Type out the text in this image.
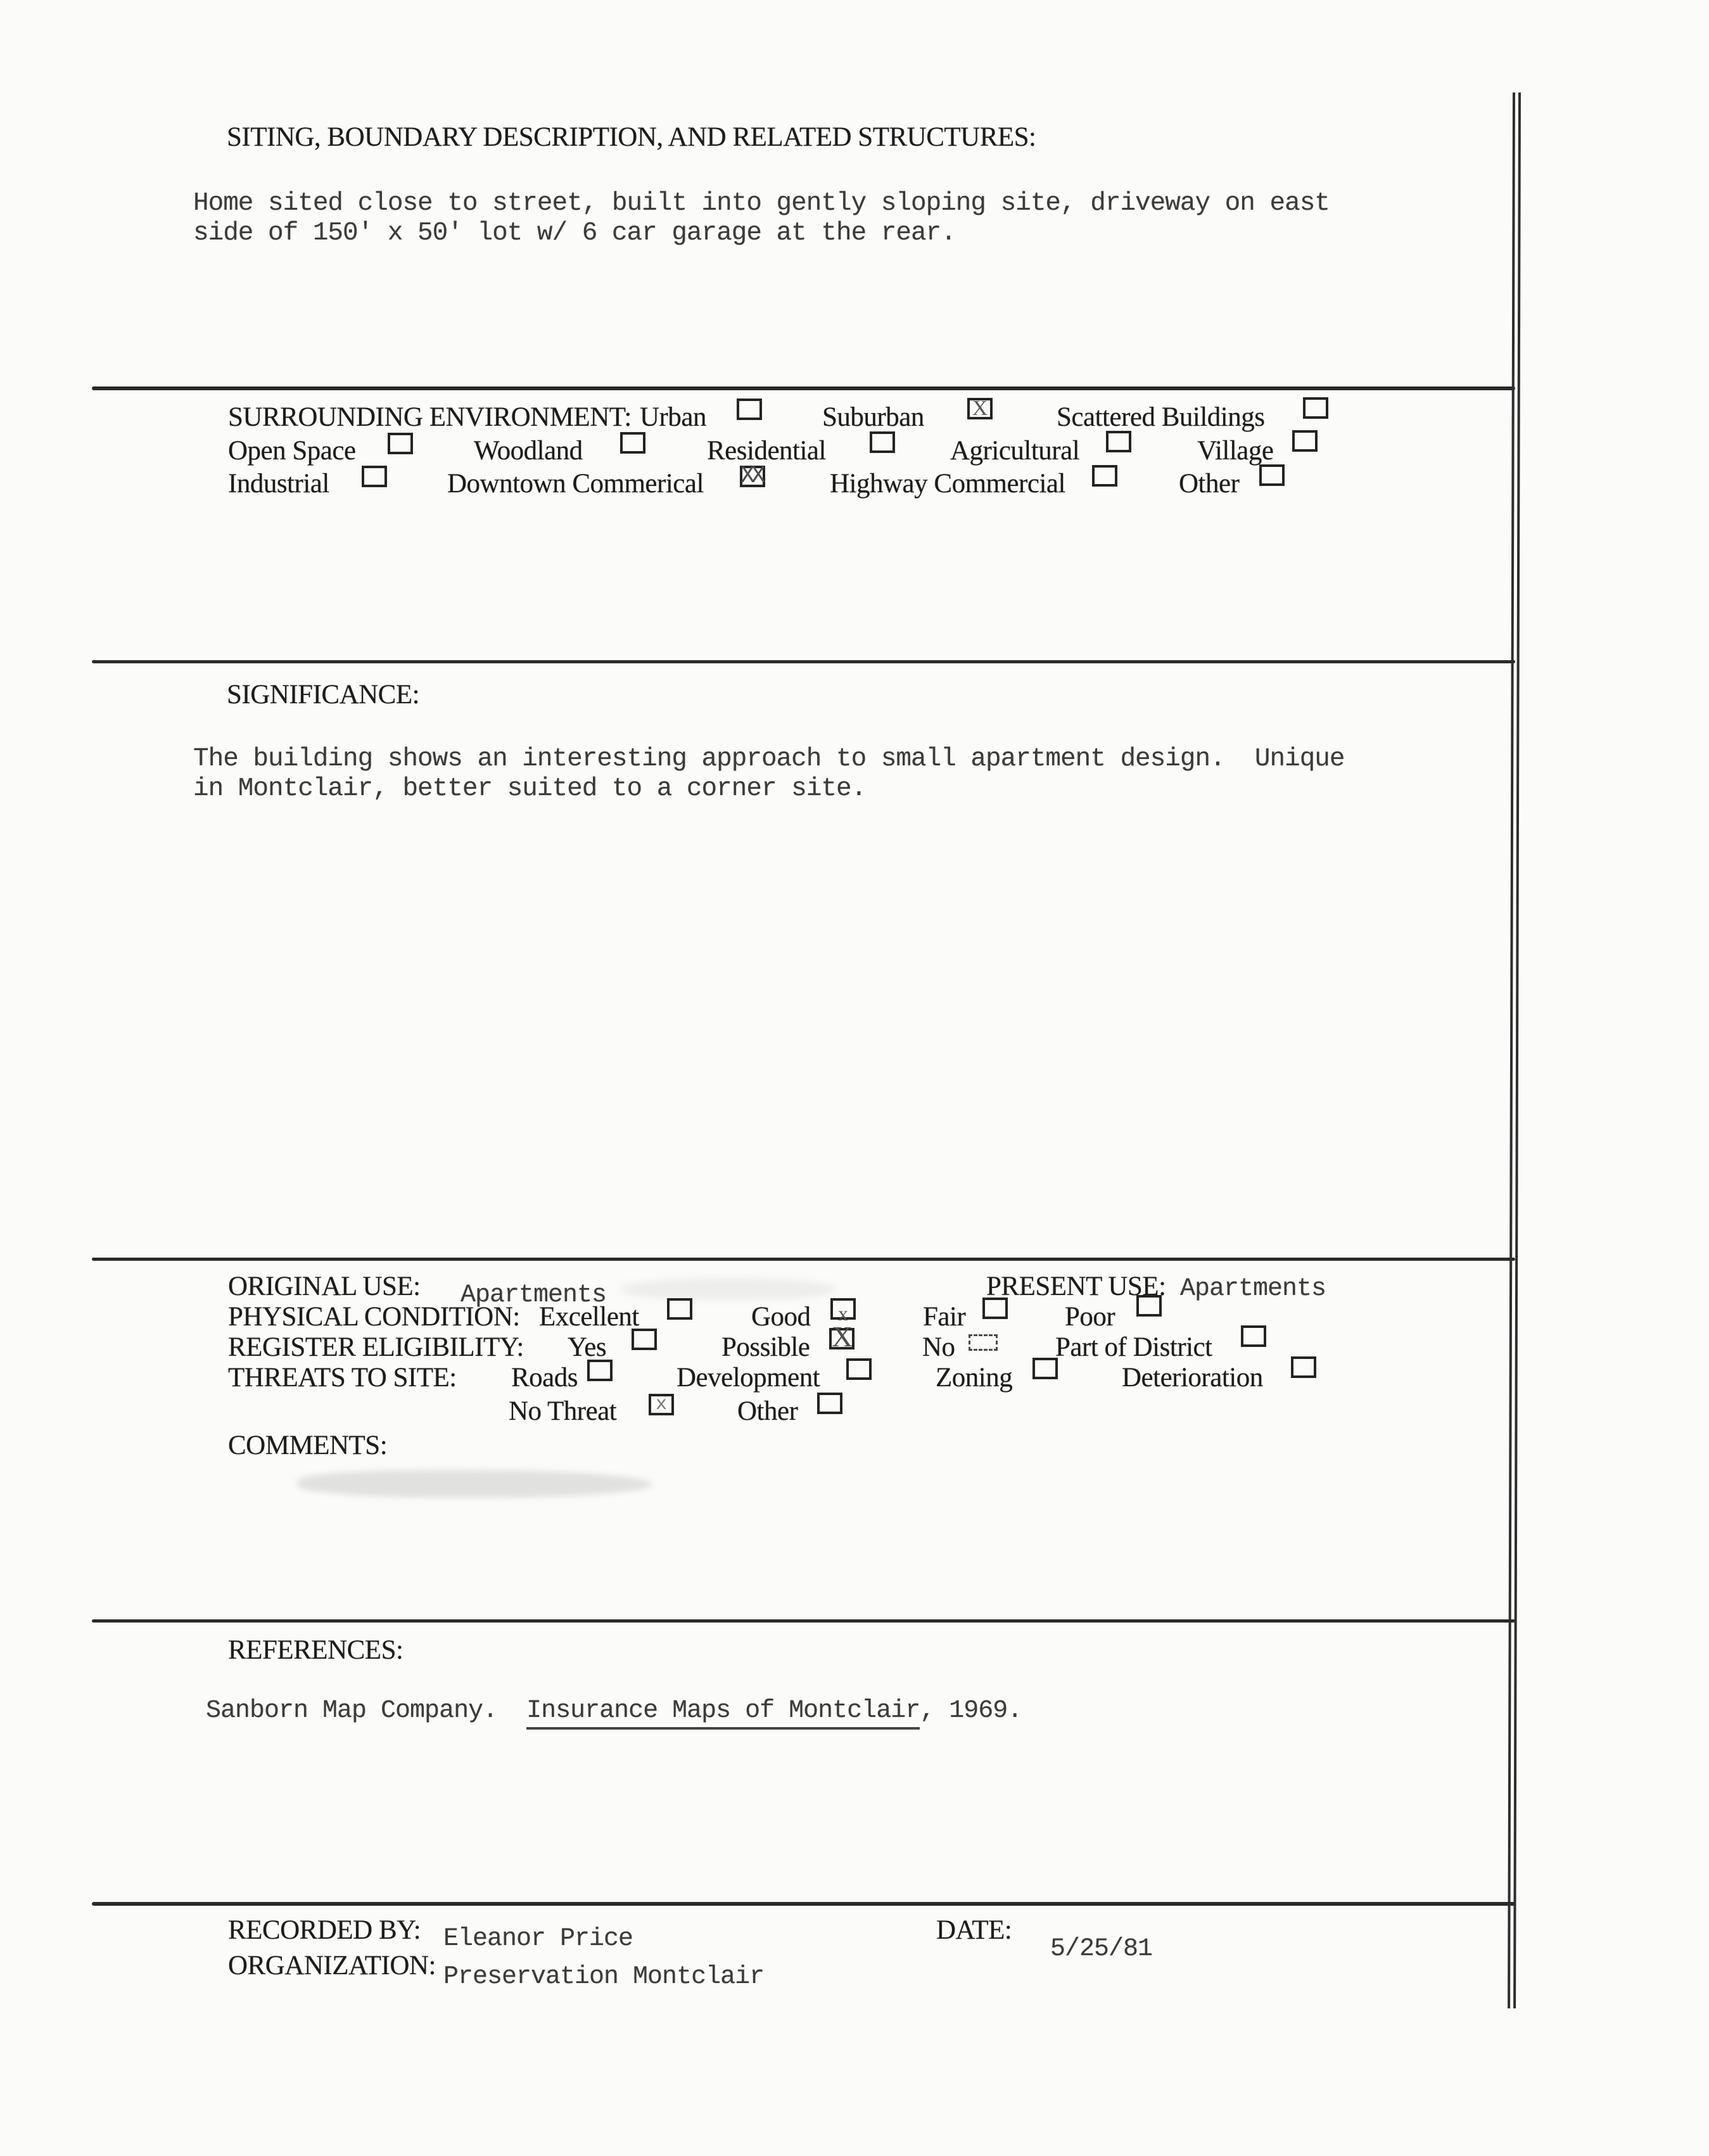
SITING, BOUNDARY DESCRIPTION, AND RELATED STRUCTURES:
Home sited close to street, built into gently sloping site, driveway on east
side of 150' x 50' lot w/ 6 car garage at the rear.
SURROUNDING ENVIRONMENT: Urban	Suburban X	Scattered Buildings
Open Space	Woodland	Residential	Agricultural	Village
Industrial	Downtown Commerical XX Highway Commercial	Other
SIGNIFICANCE:
The building shows an interesting approach to small apartment design.  Unique
in Montclair, better suited to a corner site.
ORIGINAL USE: Apartments	PRESENT USE: Apartments
PHYSICAL CONDITION: Excellent	Good x	Fair	Poor
REGISTER ELIGIBILITY: Yes	Possible X	No	Part of District
THREATS TO SITE: Roads	Development	Zoning	Deterioration
No Threat x	Other
COMMENTS:
REFERENCES:
Sanborn Map Company.  Insurance Maps of Montclair, 1969.
RECORDED BY: Eleanor Price
ORGANIZATION: Preservation Montclair
DATE:
5/25/81
